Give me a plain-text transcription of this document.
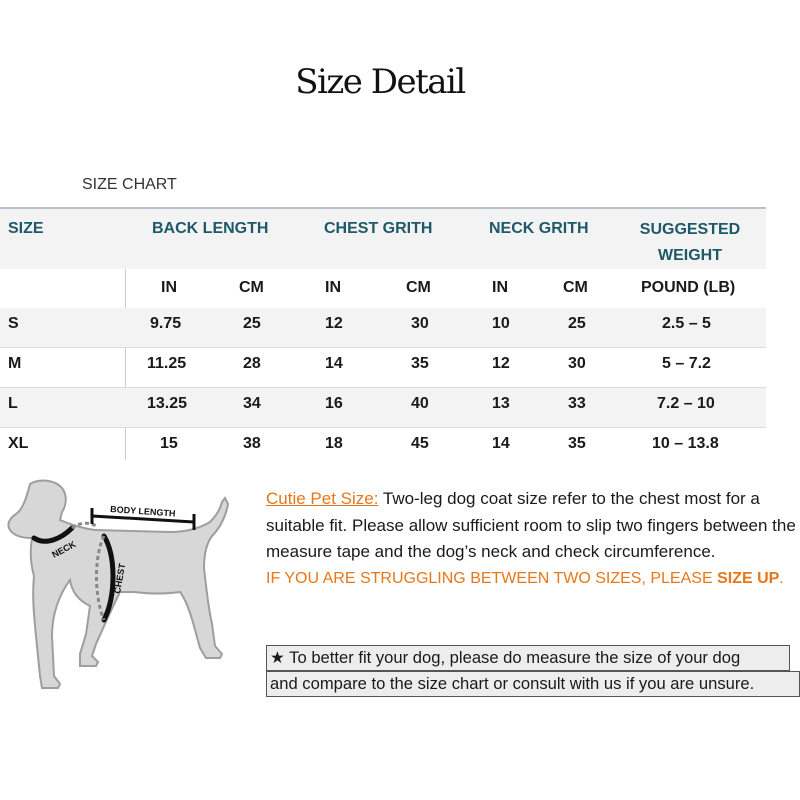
Size Detail
SIZE CHART
SIZE	BACK LENGTH	CHEST GRITH	NECK GRITH	SUGGESTED WEIGHT
IN	CM	IN	CM	IN	CM	POUND (LB)
S	9.75	25	12	30	10	25	2.5 – 5
M	11.25	28	14	35	12	30	5 – 7.2
L	13.25	34	16	40	13	33	7.2 – 10
XL	15	38	18	45	14	35	10 – 13.8
BODY LENGTH
NECK
CHEST
Cutie Pet Size: Two-leg dog coat size refer to the chest most for a suitable fit. Please allow sufficient room to slip two fingers between the measure tape and the dog’s neck and check circumference.
IF YOU ARE STRUGGLING BETWEEN TWO SIZES, PLEASE SIZE UP.
★ To better fit your dog, please do measure the size of your dog
and compare to the size chart or consult with us if you are unsure.
